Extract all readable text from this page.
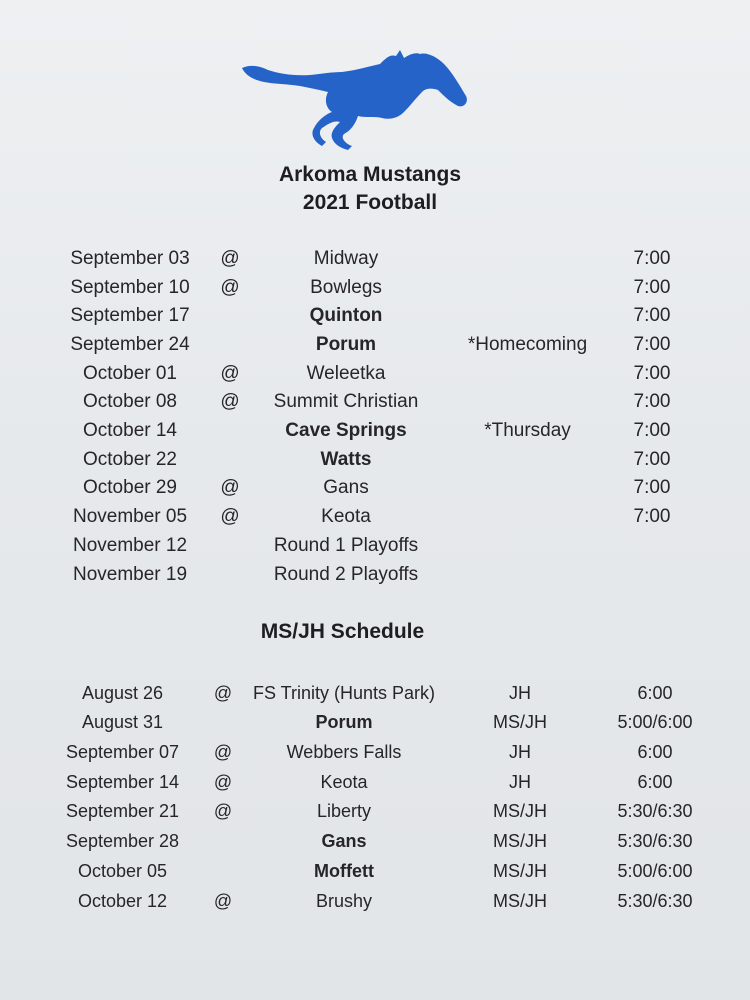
Arkoma Mustangs
2021 Football
September 03	@	Midway	7:00
September 10	@	Bowlegs	7:00
September 17	Quinton	7:00
September 24	Porum	*Homecoming	7:00
October 01	@	Weleetka	7:00
October 08	@	Summit Christian	7:00
October 14	Cave Springs	*Thursday	7:00
October 22	Watts	7:00
October 29	@	Gans	7:00
November 05	@	Keota	7:00
November 12	Round 1 Playoffs
November 19	Round 2 Playoffs
MS/JH Schedule
August 26	@	FS Trinity (Hunts Park)	JH	6:00
August 31	Porum	MS/JH	5:00/6:00
September 07	@	Webbers Falls	JH	6:00
September 14	@	Keota	JH	6:00
September 21	@	Liberty	MS/JH	5:30/6:30
September 28	Gans	MS/JH	5:30/6:30
October 05	Moffett	MS/JH	5:00/6:00
October 12	@	Brushy	MS/JH	5:30/6:30
